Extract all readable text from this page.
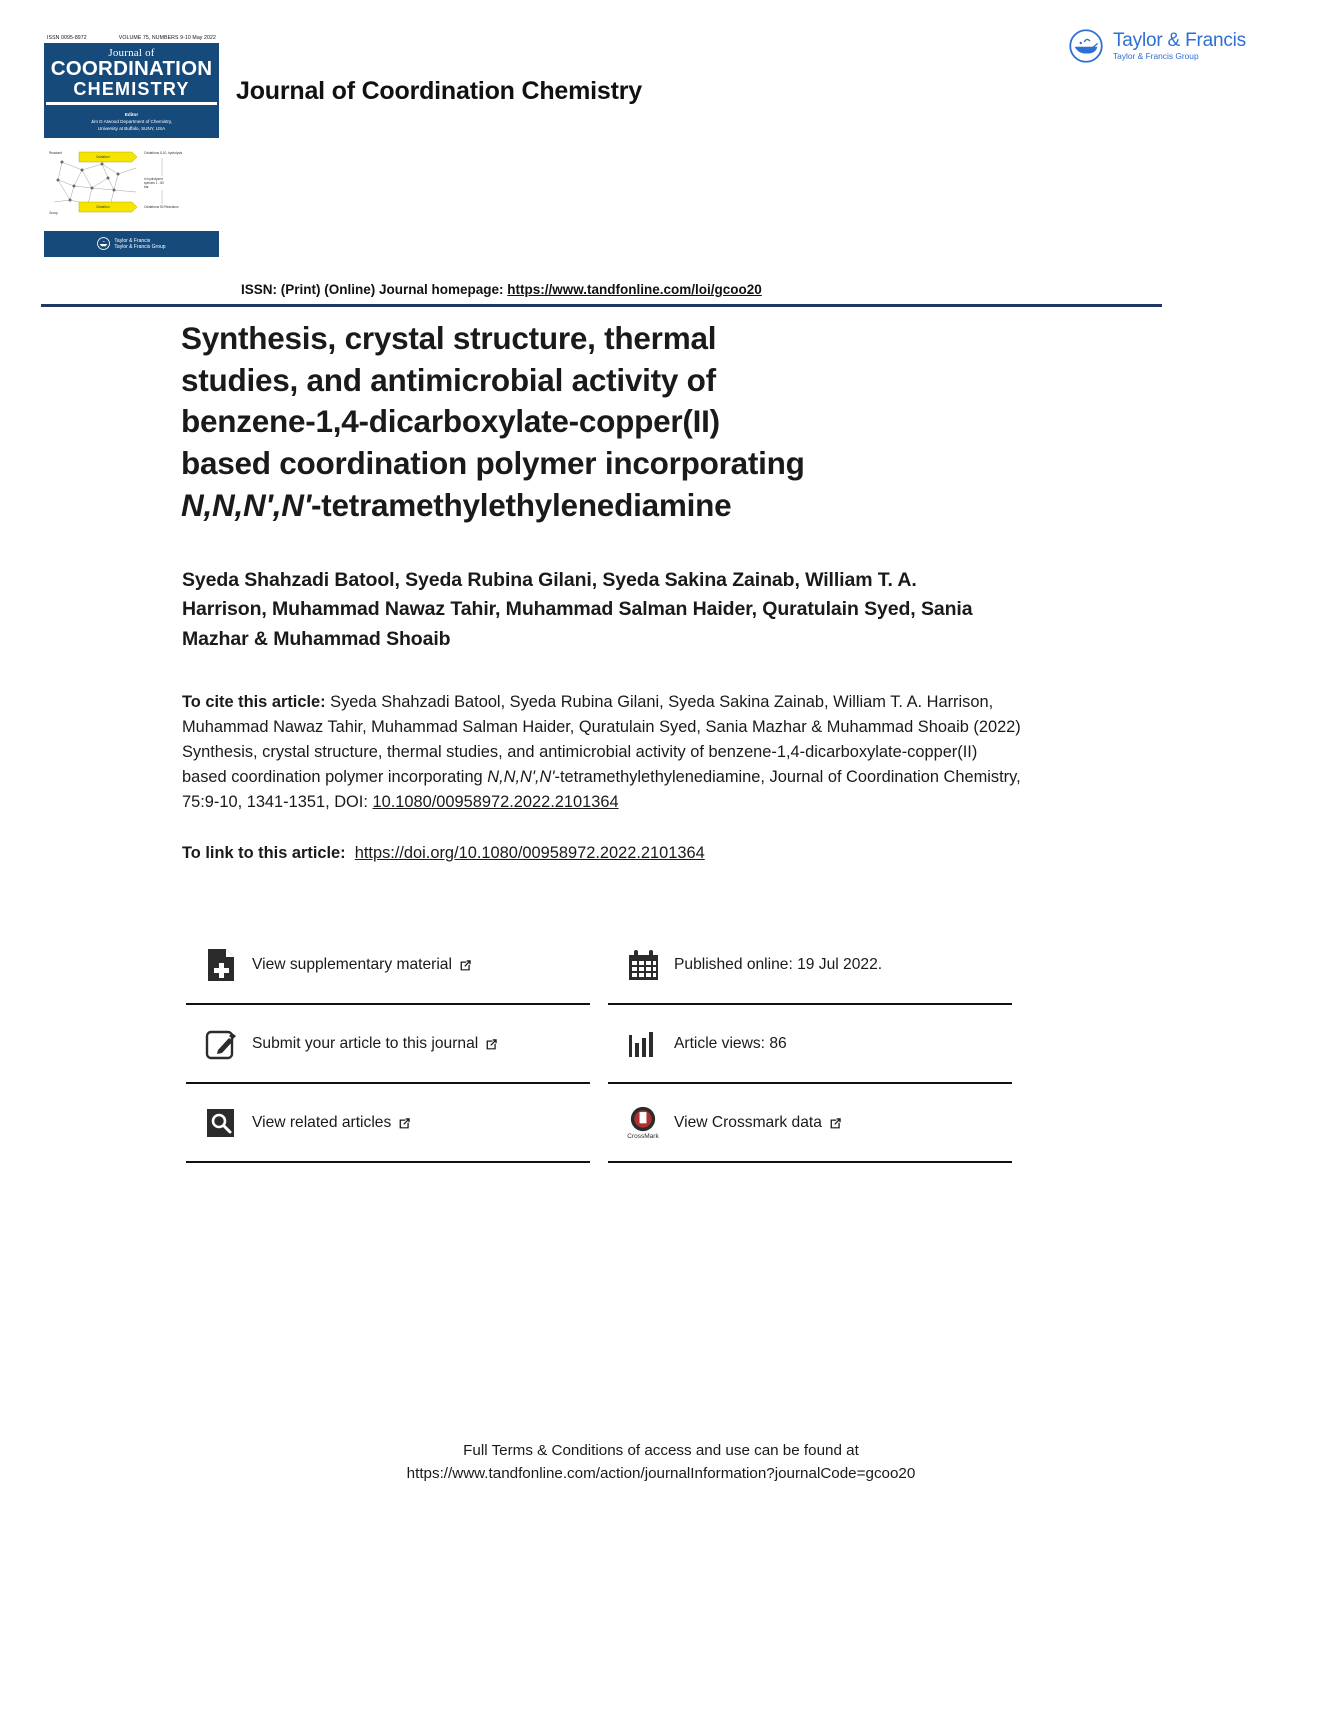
ISSN 0095-8972	VOLUME 75, NUMBERS 9-10 May 2022
Journal of
COORDINATION
CHEMISTRY
Editor
Jim D Atwood Department of Chemistry,
University at Buffalo, SUNY, USA
Reactant
Group
Oxidation
Oxidation
Oxidations 5-10, hydrolysis
in hydrolysed
species 1 - 80
bar
Oxidations 50 Reactions
Taylor & Francis
Taylor & Francis Group
Journal of Coordination Chemistry
Taylor & Francis
Taylor & Francis Group
ISSN: (Print) (Online) Journal homepage: https://www.tandfonline.com/loi/gcoo20
Synthesis, crystal structure, thermal
studies, and antimicrobial activity of
benzene-1,4-dicarboxylate-copper(II)
based coordination polymer incorporating
N,N,N',N'-tetramethylethylenediamine
Syeda Shahzadi Batool, Syeda Rubina Gilani, Syeda Sakina Zainab, William T. A. Harrison, Muhammad Nawaz Tahir, Muhammad Salman Haider, Quratulain Syed, Sania Mazhar & Muhammad Shoaib
To cite this article: Syeda Shahzadi Batool, Syeda Rubina Gilani, Syeda Sakina Zainab, William T. A. Harrison, Muhammad Nawaz Tahir, Muhammad Salman Haider, Quratulain Syed, Sania Mazhar & Muhammad Shoaib (2022) Synthesis, crystal structure, thermal studies, and antimicrobial activity of benzene-1,4-dicarboxylate-copper(II) based coordination polymer incorporating N,N,N',N'-tetramethylethylenediamine, Journal of Coordination Chemistry, 75:9-10, 1341-1351, DOI: 10.1080/00958972.2022.2101364
To link to this article: https://doi.org/10.1080/00958972.2022.2101364
View supplementary material	Published online: 19 Jul 2022.
Submit your article to this journal	Article views: 86
View related articles
CrossMark
View Crossmark data
Full Terms & Conditions of access and use can be found at
https://www.tandfonline.com/action/journalInformation?journalCode=gcoo20
